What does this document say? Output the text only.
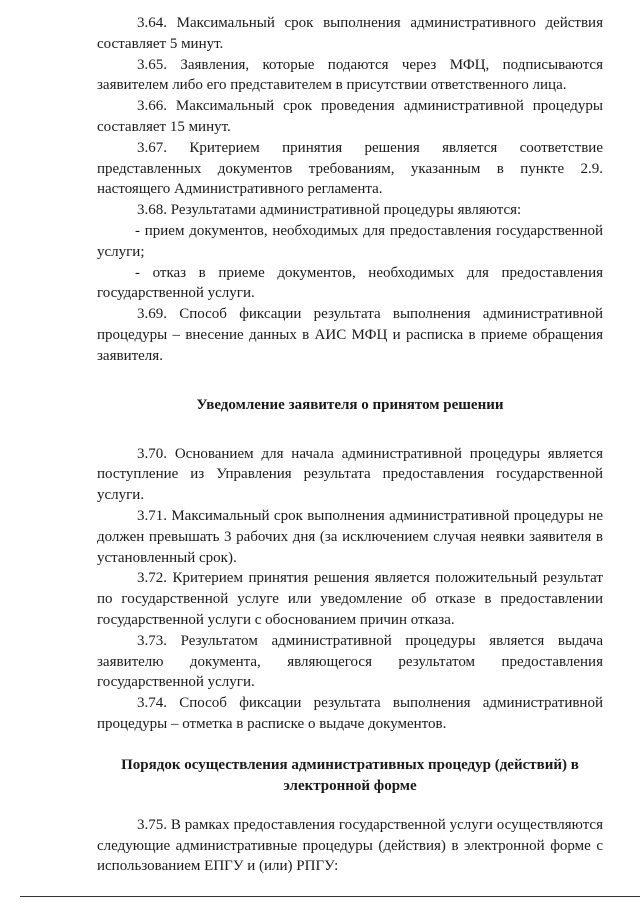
3.64. Максимальный срок выполнения административного действия составляет 5 минут.

3.65. Заявления, которые подаются через МФЦ, подписываются заявителем либо его представителем в присутствии ответственного лица.

3.66. Максимальный срок проведения административной процедуры составляет 15 минут.

3.67. Критерием принятия решения является соответствие представленных документов требованиям, указанным в пункте 2.9. настоящего Административного регламента.

3.68. Результатами административной процедуры являются:

- прием документов, необходимых для предоставления государственной услуги;

- отказ в приеме документов, необходимых для предоставления государственной услуги.

3.69. Способ фиксации результата выполнения административной процедуры – внесение данных в АИС МФЦ и расписка в приеме обращения заявителя.

Уведомление заявителя о принятом решении

3.70. Основанием для начала административной процедуры является поступление из Управления результата предоставления государственной услуги.

3.71. Максимальный срок выполнения административной процедуры не должен превышать 3 рабочих дня (за исключением случая неявки заявителя в установленный срок).

3.72. Критерием принятия решения является положительный результат по государственной услуге или уведомление об отказе в предоставлении государственной услуги с обоснованием причин отказа.

3.73. Результатом административной процедуры является выдача заявителю документа, являющегося результатом предоставления государственной услуги.

3.74. Способ фиксации результата выполнения административной процедуры – отметка в расписке о выдаче документов.

Порядок осуществления административных процедур (действий) в электронной форме

3.75. В рамках предоставления государственной услуги осуществляются следующие административные процедуры (действия) в электронной форме с использованием ЕПГУ и (или) РПГУ:
